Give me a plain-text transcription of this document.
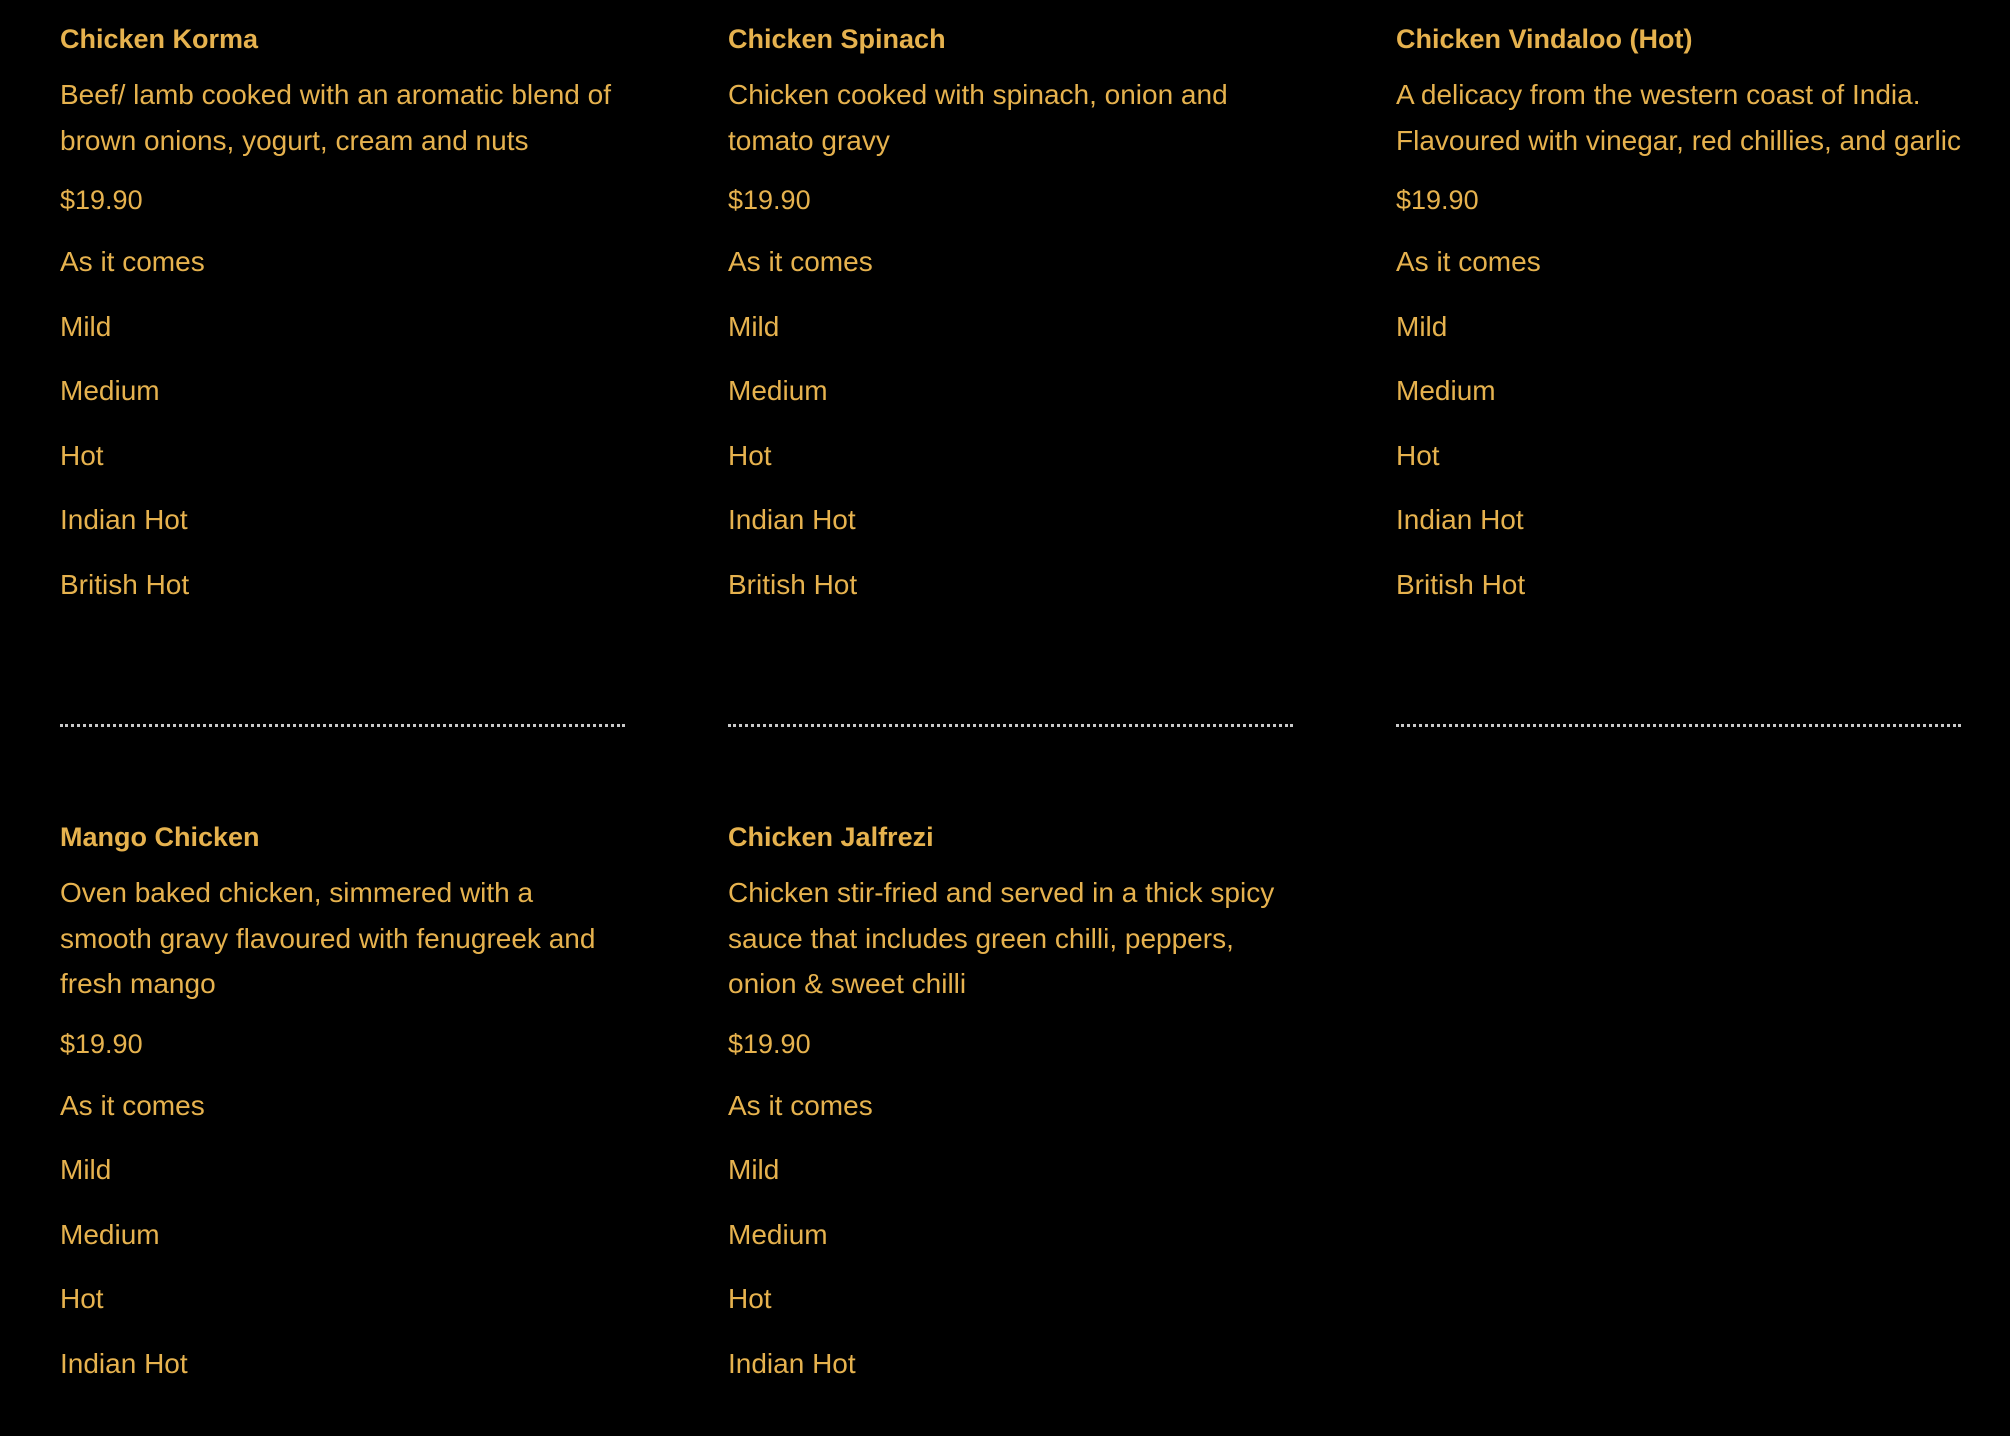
Chicken Korma

Beef/ lamb cooked with an aromatic blend of brown onions, yogurt, cream and nuts

$19.90

As it comes
Mild
Medium
Hot
Indian Hot
British Hot
Chicken Spinach

Chicken cooked with spinach, onion and tomato gravy

$19.90

As it comes
Mild
Medium
Hot
Indian Hot
British Hot
Chicken Vindaloo (Hot)

A delicacy from the western coast of India. Flavoured with vinegar, red chillies, and garlic

$19.90

As it comes
Mild
Medium
Hot
Indian Hot
British Hot
Mango Chicken

Oven baked chicken, simmered with a smooth gravy flavoured with fenugreek and fresh mango

$19.90

As it comes
Mild
Medium
Hot
Indian Hot
Chicken Jalfrezi

Chicken stir-fried and served in a thick spicy sauce that includes green chilli, peppers, onion & sweet chilli

$19.90

As it comes
Mild
Medium
Hot
Indian Hot
